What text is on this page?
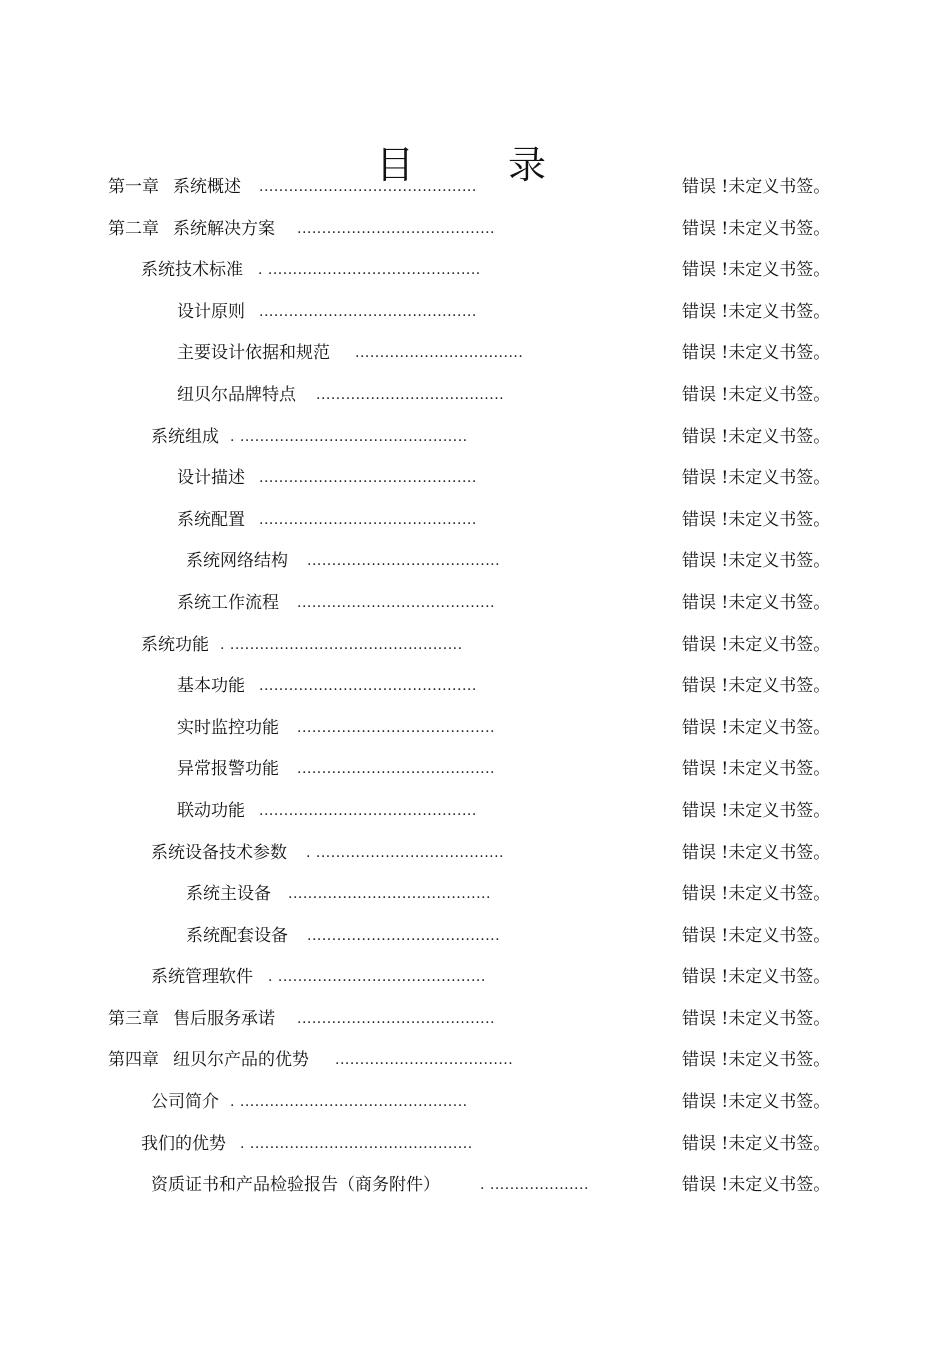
目　录
第一章 系统概述 ............................................	错误 !未定义书签。
第二章 系统解决方案 ........................................	错误 !未定义书签。
系统技术标准 . ...........................................	错误 !未定义书签。
设计原则 ............................................	错误 !未定义书签。
主要设计依据和规范 ..................................	错误 !未定义书签。
纽贝尔品牌特点 ......................................	错误 !未定义书签。
系统组成 . ..............................................	错误 !未定义书签。
设计描述 ............................................	错误 !未定义书签。
系统配置 ............................................	错误 !未定义书签。
系统网络结构 .......................................	错误 !未定义书签。
系统工作流程 ........................................	错误 !未定义书签。
系统功能 . ...............................................	错误 !未定义书签。
基本功能 ............................................	错误 !未定义书签。
实时监控功能 ........................................	错误 !未定义书签。
异常报警功能 ........................................	错误 !未定义书签。
联动功能 ............................................	错误 !未定义书签。
系统设备技术参数 . ......................................	错误 !未定义书签。
系统主设备 .........................................	错误 !未定义书签。
系统配套设备 .......................................	错误 !未定义书签。
系统管理软件 . ..........................................	错误 !未定义书签。
第三章 售后服务承诺 ........................................	错误 !未定义书签。
第四章 纽贝尔产品的优势 ....................................	错误 !未定义书签。
公司简介 . ..............................................	错误 !未定义书签。
我们的优势 . .............................................	错误 !未定义书签。
资质证书和产品检验报告（商务附件）	. ....................	错误 !未定义书签。
